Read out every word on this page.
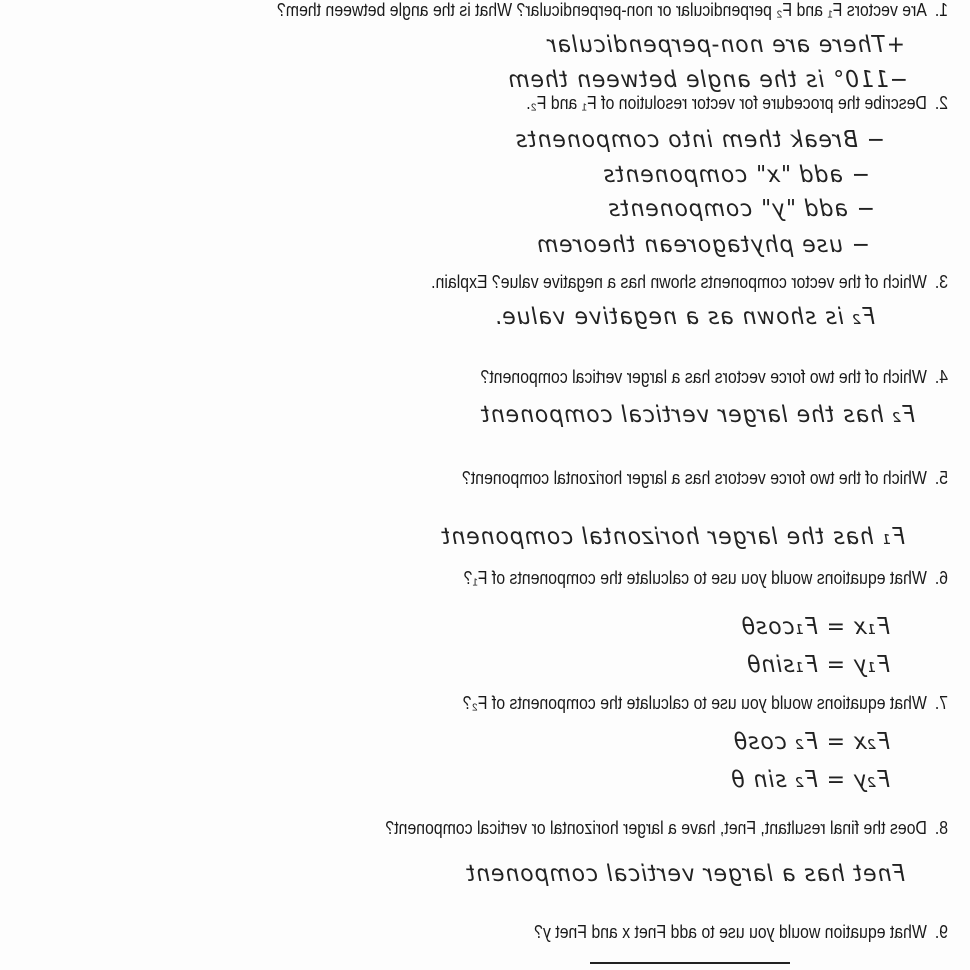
1.Are vectors F₁ and F₂ perpendicular or non-perpendicular? What is the angle between them?
+There are non-perpendicular
−110° is the angle between them
2.Describe the procedure for vector resolution of F₁ and F₂.
− Break them into components
− add "x" components
− add "y" components
− use phytagorean theorem
3.Which of the vector components shown has a negative value? Explain.
F₂ is shown as a negative value.
4.Which of the two force vectors has a larger vertical component?
F₂ has the larger vertical component
5.Which of the two force vectors has a larger horizontal component?
F₁ has the larger horizontal component
6.What equations would you use to calculate the components of F₁?
F₁x = F₁cosθ
F₁y = F₁sinθ
7.What equations would you use to calculate the components of F₂?
F₂x = F₂ cosθ
F₂y = F₂ sin θ
8.Does the final resultant, Fnet, have a larger horizontal or vertical component?
Fnet has a larger vertical component
9.What equation would you use to add Fnet x and Fnet y?
